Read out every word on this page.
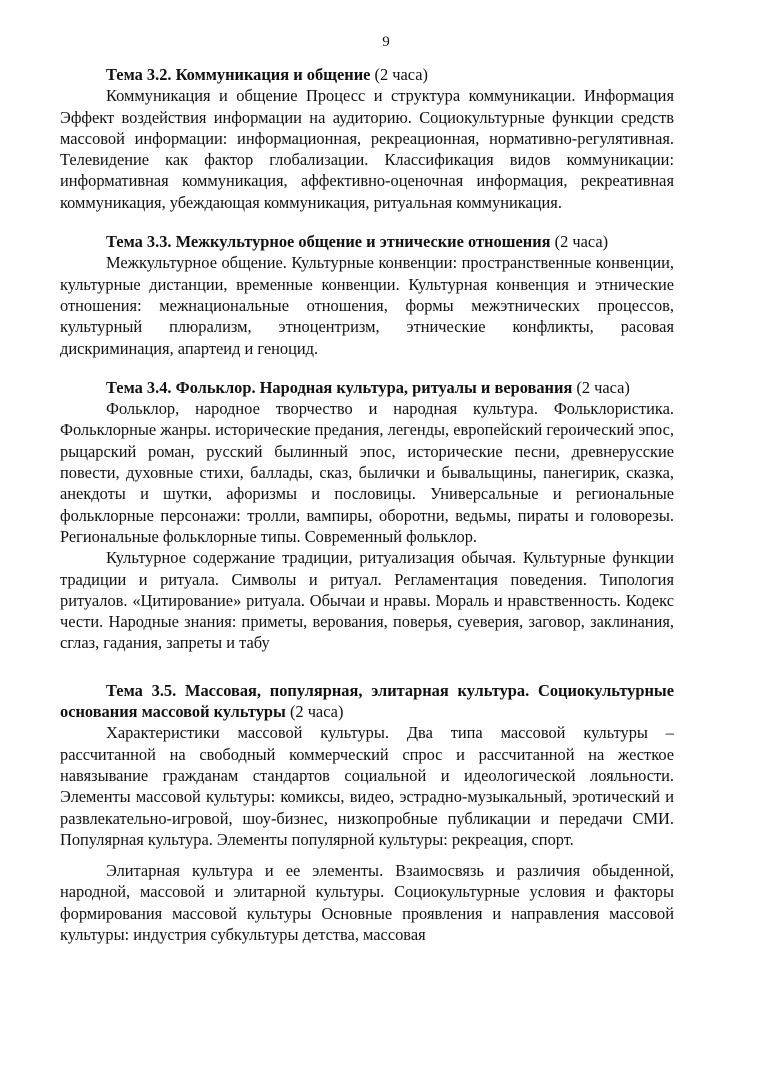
9

Тема 3.2. Коммуникация и общение (2 часа)

Коммуникация и общение Процесс и структура коммуникации. Информация Эффект воздействия информации на аудиторию. Социокультурные функции средств массовой информации: информационная, рекреационная, нормативно-регулятивная. Телевидение как фактор глобализации. Классификация видов коммуникации: информативная коммуникация, аффективно-оценочная информация, рекреативная коммуникация, убеждающая коммуникация, ритуальная коммуникация.

Тема 3.3. Межкультурное общение и этнические отношения (2 часа)

Межкультурное общение. Культурные конвенции: пространственные конвенции, культурные дистанции, временные конвенции. Культурная конвенция и этнические отношения: межнациональные отношения, формы межэтнических процессов, культурный плюрализм, этноцентризм, этнические конфликты, расовая дискриминация, апартеид и геноцид.

Тема 3.4. Фольклор. Народная культура, ритуалы и верования (2 часа)

Фольклор, народное творчество и народная культура. Фольклористика. Фольклорные жанры. исторические предания, легенды, европейский героический эпос, рыцарский роман, русский былинный эпос, исторические песни, древнерусские повести, духовные стихи, баллады, сказ, былички и бывальщины, панегирик, сказка, анекдоты и шутки, афоризмы и пословицы. Универсальные и региональные фольклорные персонажи: тролли, вампиры, оборотни, ведьмы, пираты и головорезы. Региональные фольклорные типы. Современный фольклор.

Культурное содержание традиции, ритуализация обычая. Культурные функции традиции и ритуала. Символы и ритуал. Регламентация поведения. Типология ритуалов. «Цитирование» ритуала. Обычаи и нравы. Мораль и нравственность. Кодекс чести. Народные знания: приметы, верования, поверья, суеверия, заговор, заклинания, сглаз, гадания, запреты и табу

Тема 3.5. Массовая, популярная, элитарная культура. Социокультурные основания массовой культуры (2 часа)

Характеристики массовой культуры. Два типа массовой культуры – рассчитанной на свободный коммерческий спрос и рассчитанной на жесткое навязывание гражданам стандартов социальной и идеологической лояльности. Элементы массовой культуры: комиксы, видео, эстрадно-музыкальный, эротический и развлекательно-игровой, шоу-бизнес, низкопробные публикации и передачи СМИ. Популярная культура. Элементы популярной культуры: рекреация, спорт.

Элитарная культура и ее элементы. Взаимосвязь и различия обыденной, народной, массовой и элитарной культуры. Социокультурные условия и факторы формирования массовой культуры Основные проявления и направления массовой культуры: индустрия субкультуры детства, массовая
